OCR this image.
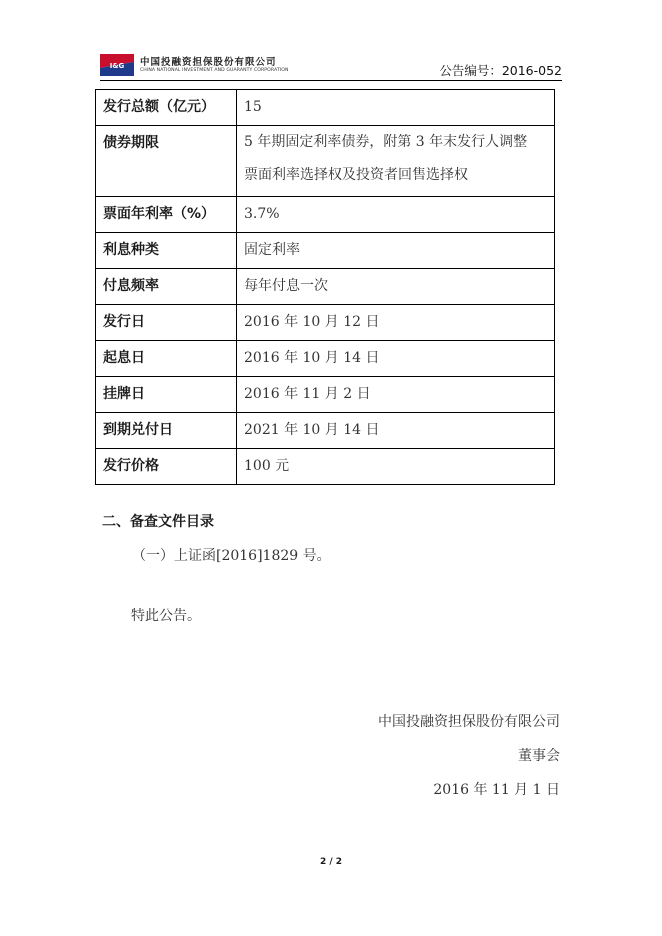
I&G 中国投融资担保股份有限公司
CHINA NATIONAL INVESTMENT AND GUARANTY CORPORATION	公告编号：2016-052
发行总额（亿元）	15
债券期限	5 年期固定利率债券，附第 3 年末发行人调整
票面利率选择权及投资者回售选择权

票面年利率（%）	3.7%
利息种类	固定利率
付息频率	每年付息一次
发行日	2016 年 10 月 12 日
起息日	2016 年 10 月 14 日
挂牌日	2016 年 11 月 2 日
到期兑付日	2021 年 10 月 14 日
发行价格	100 元
二、备查文件目录
（一）上证函[2016]1829 号。
特此公告。
中国投融资担保股份有限公司
董事会
2016 年 11 月 1 日
2 / 2
